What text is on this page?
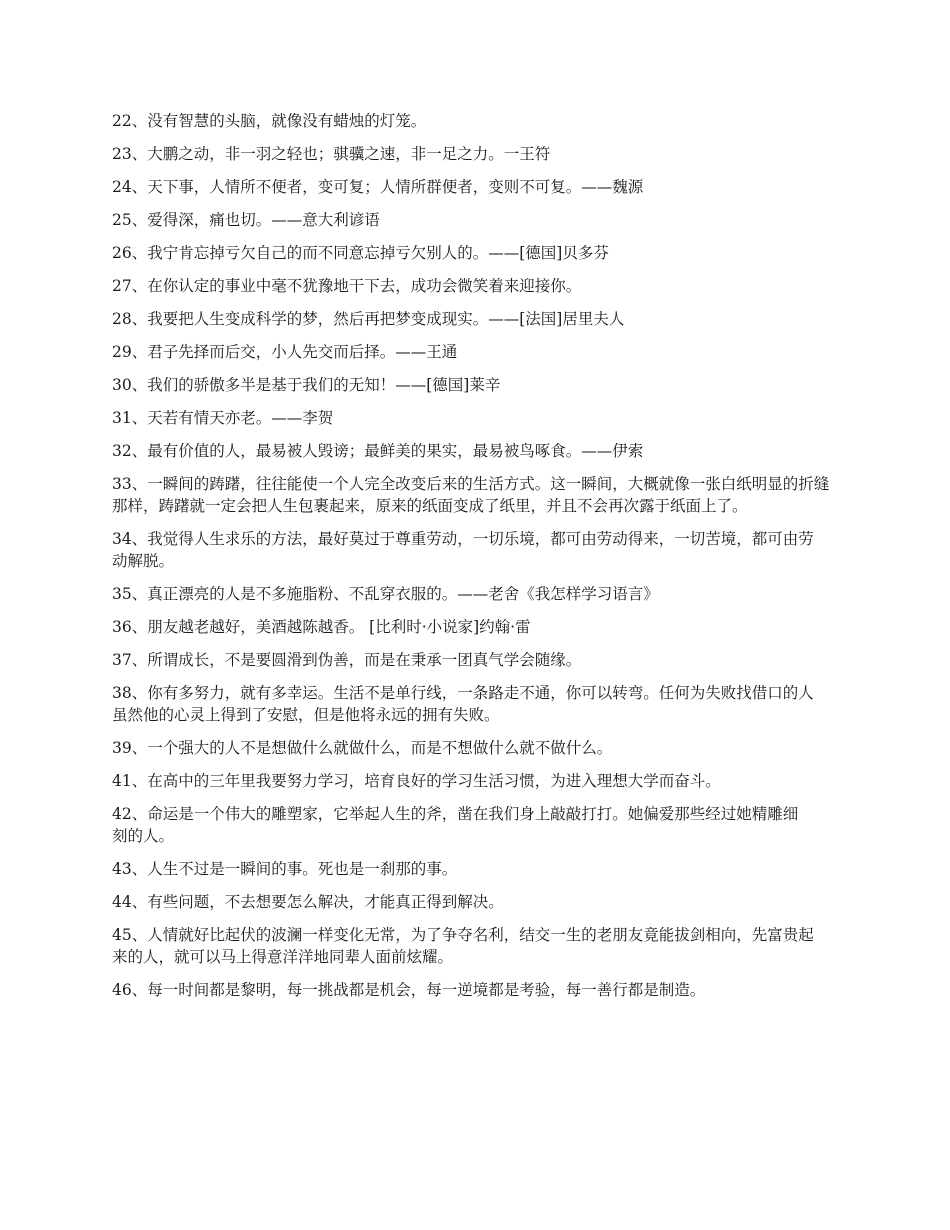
22、没有智慧的头脑，就像没有蜡烛的灯笼。
23、大鹏之动，非一羽之轻也；骐骥之速，非一足之力。一王符
24、天下事，人情所不便者，变可复；人情所群便者，变则不可复。——魏源
25、爱得深，痛也切。——意大利谚语
26、我宁肯忘掉亏欠自己的而不同意忘掉亏欠别人的。——[德国]贝多芬
27、在你认定的事业中毫不犹豫地干下去，成功会微笑着来迎接你。
28、我要把人生变成科学的梦，然后再把梦变成现实。——[法国]居里夫人
29、君子先择而后交，小人先交而后择。——王通
30、我们的骄傲多半是基于我们的无知！——[德国]莱辛
31、天若有情天亦老。——李贺
32、最有价值的人，最易被人毁谤；最鲜美的果实，最易被鸟啄食。——伊索
33、一瞬间的踌躇，往往能使一个人完全改变后来的生活方式。这一瞬间，大概就像一张白纸明显的折缝那样，踌躇就一定会把人生包裹起来，原来的纸面变成了纸里，并且不会再次露于纸面上了。
34、我觉得人生求乐的方法，最好莫过于尊重劳动，一切乐境，都可由劳动得来，一切苦境，都可由劳动解脱。
35、真正漂亮的人是不多施脂粉、不乱穿衣服的。——老舍《我怎样学习语言》
36、朋友越老越好，美酒越陈越香。 [比利时·小说家]约翰·雷
37、所谓成长，不是要圆滑到伪善，而是在秉承一团真气学会随缘。
38、你有多努力，就有多幸运。生活不是单行线，一条路走不通，你可以转弯。任何为失败找借口的人虽然他的心灵上得到了安慰，但是他将永远的拥有失败。
39、一个强大的人不是想做什么就做什么，而是不想做什么就不做什么。
41、在高中的三年里我要努力学习，培育良好的学习生活习惯，为进入理想大学而奋斗。
42、命运是一个伟大的雕塑家，它举起人生的斧，凿在我们身上敲敲打打。她偏爱那些经过她精雕细刻的人。
43、人生不过是一瞬间的事。死也是一刹那的事。
44、有些问题，不去想要怎么解决，才能真正得到解决。
45、人情就好比起伏的波澜一样变化无常，为了争夺名利，结交一生的老朋友竟能拔剑相向，先富贵起来的人，就可以马上得意洋洋地同辈人面前炫耀。
46、每一时间都是黎明，每一挑战都是机会，每一逆境都是考验，每一善行都是制造。
